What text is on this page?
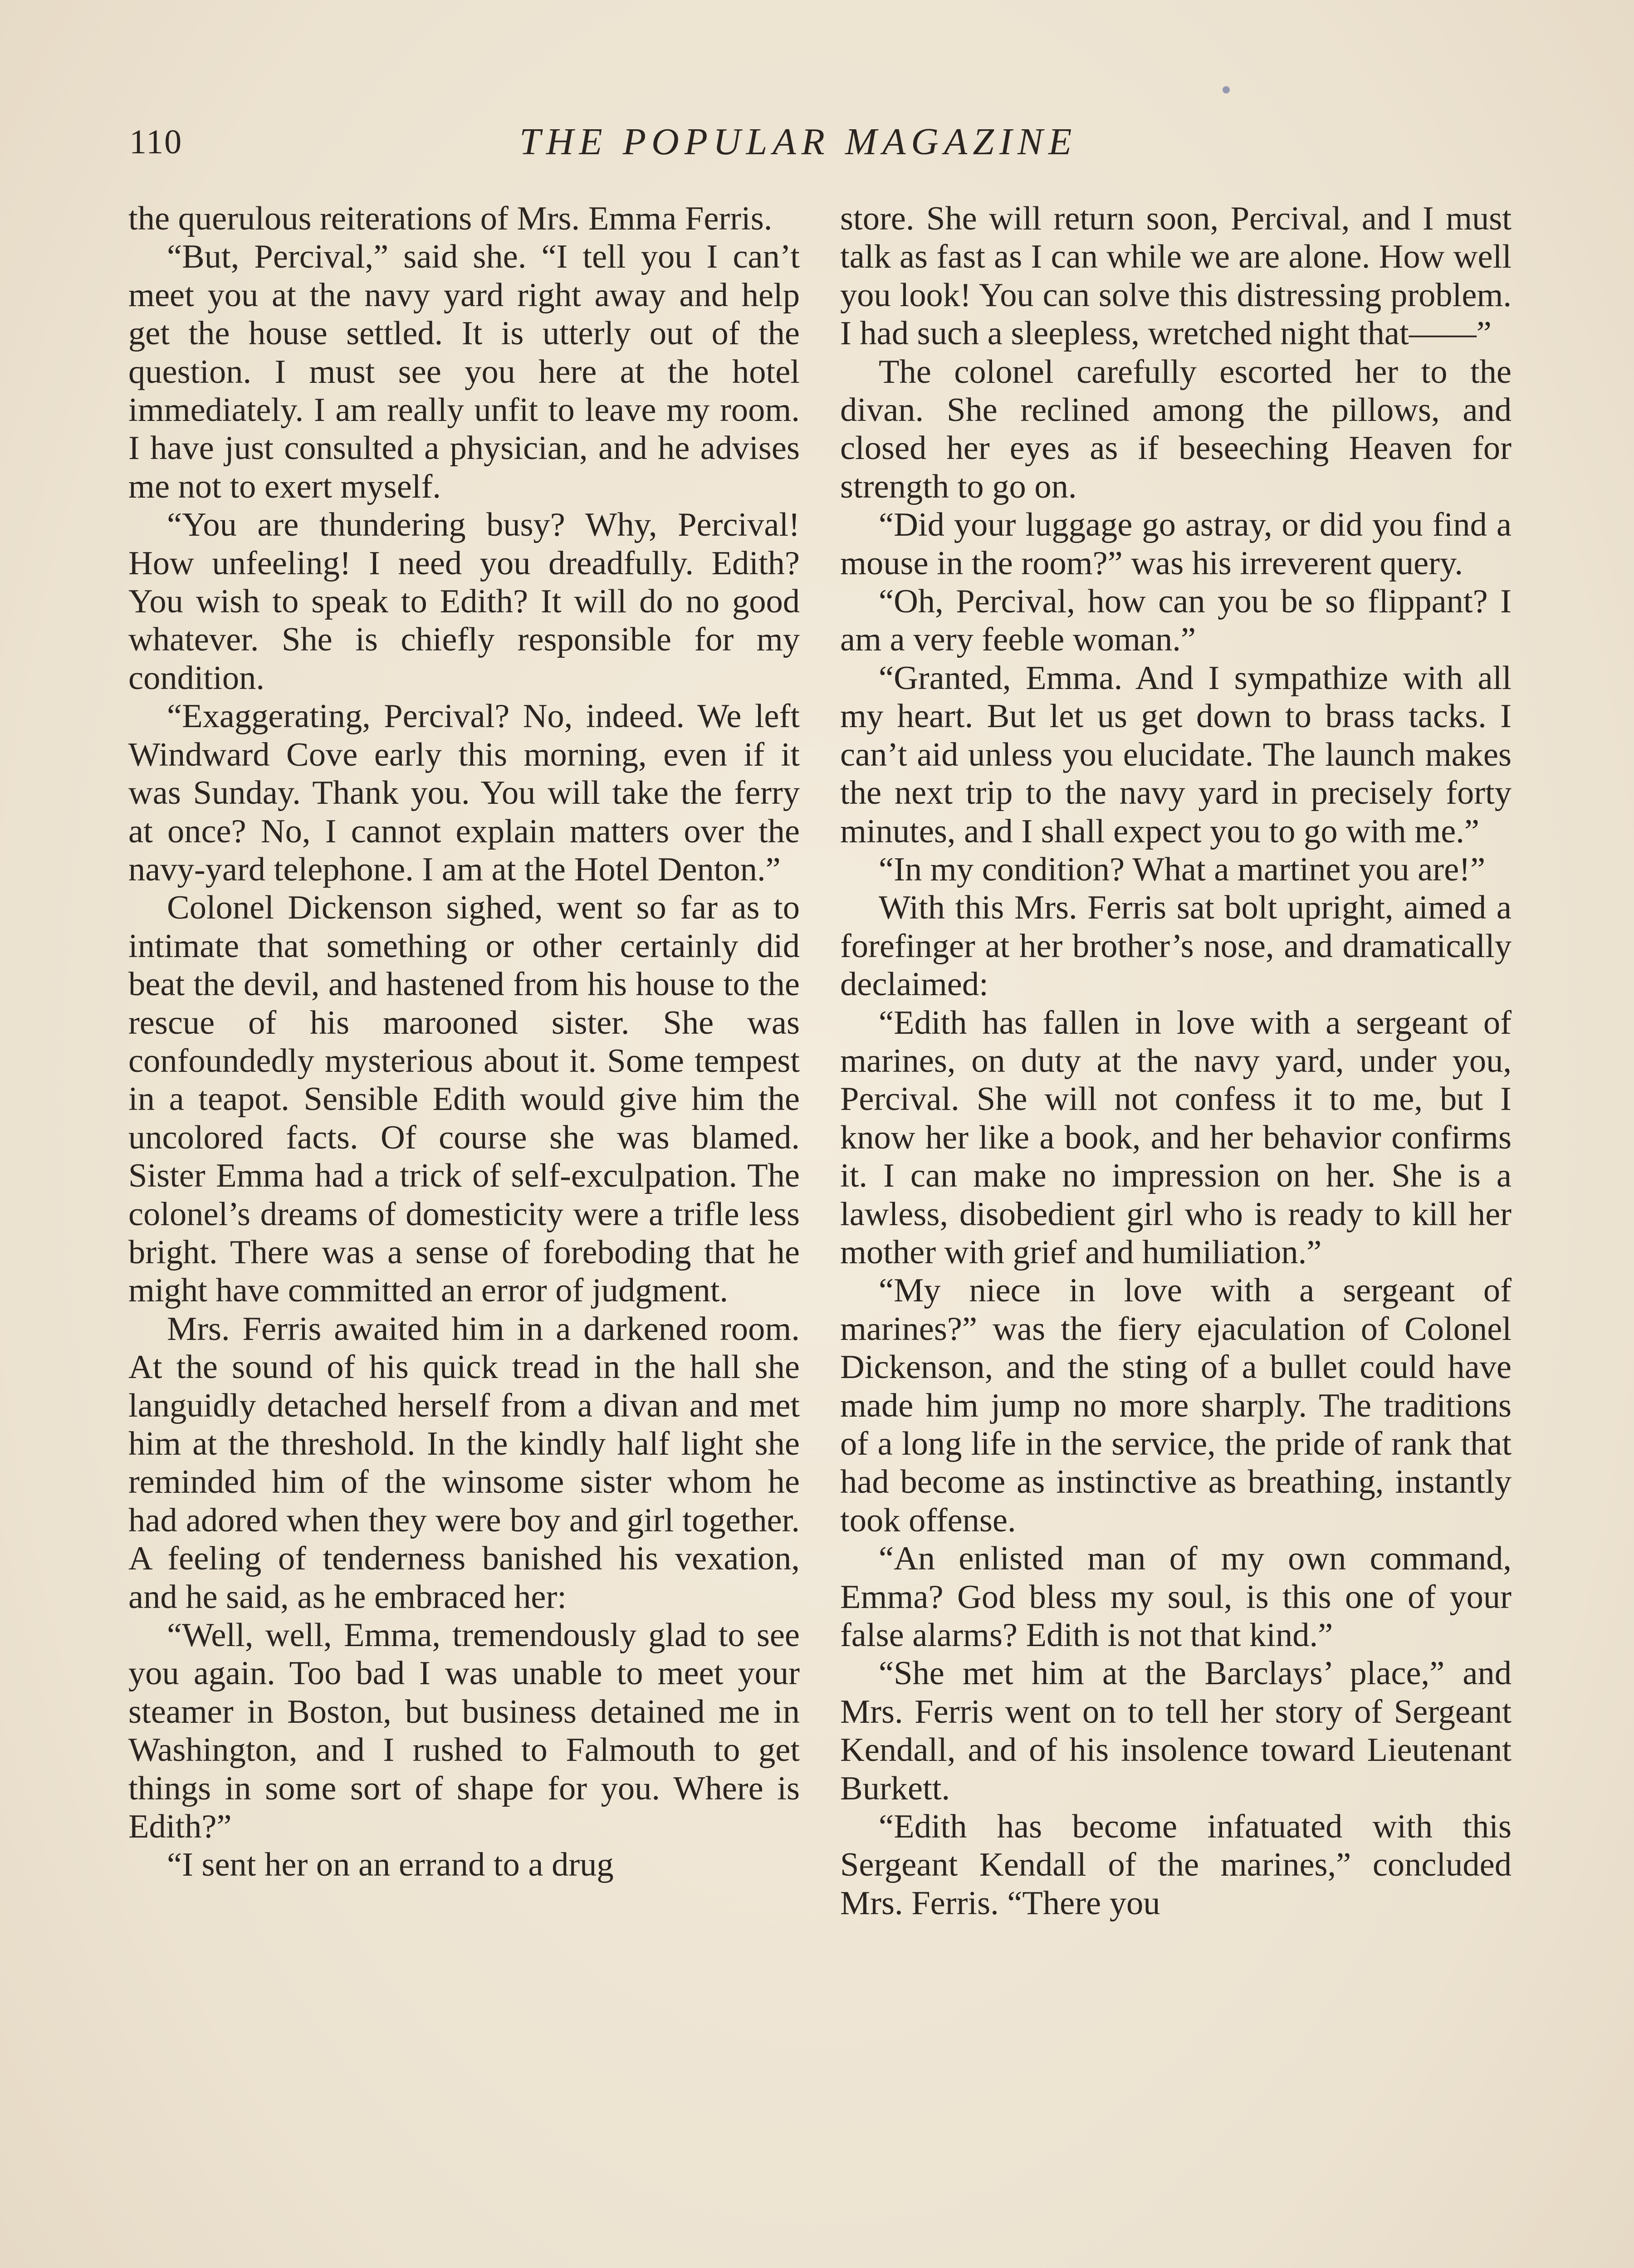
110	THE POPULAR MAGAZINE

the querulous reiterations of Mrs. Emma Ferris.

“But, Percival,” said she. “I tell you I can’t meet you at the navy yard right away and help get the house settled. It is utterly out of the question. I must see you here at the hotel immediately. I am really unfit to leave my room. I have just consulted a physician, and he advises me not to exert myself.

“You are thundering busy? Why, Percival! How unfeeling! I need you dreadfully. Edith? You wish to speak to Edith? It will do no good whatever. She is chiefly responsible for my condition.

“Exaggerating, Percival? No, indeed. We left Windward Cove early this morning, even if it was Sunday. Thank you. You will take the ferry at once? No, I cannot explain matters over the navy-yard telephone. I am at the Hotel Denton.”

Colonel Dickenson sighed, went so far as to intimate that something or other certainly did beat the devil, and hastened from his house to the rescue of his marooned sister. She was confoundedly mysterious about it. Some tempest in a teapot. Sensible Edith would give him the uncolored facts. Of course she was blamed. Sister Emma had a trick of self-exculpation. The colonel’s dreams of domesticity were a trifle less bright. There was a sense of foreboding that he might have committed an error of judgment.

Mrs. Ferris awaited him in a darkened room. At the sound of his quick tread in the hall she languidly detached herself from a divan and met him at the threshold. In the kindly half light she reminded him of the winsome sister whom he had adored when they were boy and girl together. A feeling of tenderness banished his vexation, and he said, as he embraced her:

“Well, well, Emma, tremendously glad to see you again. Too bad I was unable to meet your steamer in Boston, but business detained me in Washington, and I rushed to Falmouth to get things in some sort of shape for you. Where is Edith?”

“I sent her on an errand to a drug

store. She will return soon, Percival, and I must talk as fast as I can while we are alone. How well you look! You can solve this distressing problem. I had such a sleepless, wretched night that——”

The colonel carefully escorted her to the divan. She reclined among the pillows, and closed her eyes as if beseeching Heaven for strength to go on.

“Did your luggage go astray, or did you find a mouse in the room?” was his irreverent query.

“Oh, Percival, how can you be so flippant? I am a very feeble woman.”

“Granted, Emma. And I sympathize with all my heart. But let us get down to brass tacks. I can’t aid unless you elucidate. The launch makes the next trip to the navy yard in precisely forty minutes, and I shall expect you to go with me.”

“In my condition? What a martinet you are!”

With this Mrs. Ferris sat bolt upright, aimed a forefinger at her brother’s nose, and dramatically declaimed:

“Edith has fallen in love with a sergeant of marines, on duty at the navy yard, under you, Percival. She will not confess it to me, but I know her like a book, and her behavior confirms it. I can make no impression on her. She is a lawless, disobedient girl who is ready to kill her mother with grief and humiliation.”

“My niece in love with a sergeant of marines?” was the fiery ejaculation of Colonel Dickenson, and the sting of a bullet could have made him jump no more sharply. The traditions of a long life in the service, the pride of rank that had become as instinctive as breathing, instantly took offense.

“An enlisted man of my own command, Emma? God bless my soul, is this one of your false alarms? Edith is not that kind.”

“She met him at the Barclays’ place,” and Mrs. Ferris went on to tell her story of Sergeant Kendall, and of his insolence toward Lieutenant Burkett.

“Edith has become infatuated with this Sergeant Kendall of the marines,” concluded Mrs. Ferris. “There you
